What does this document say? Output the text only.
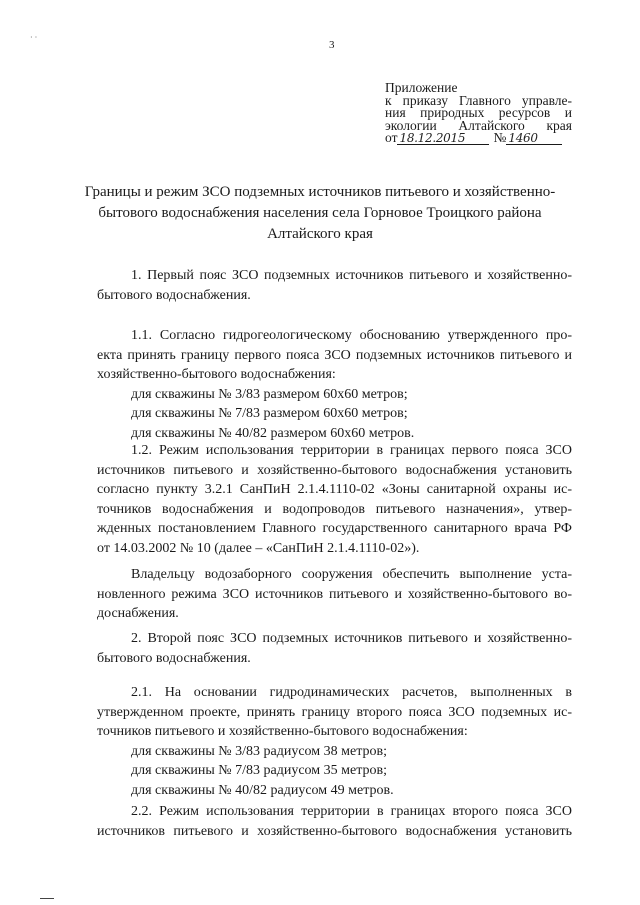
· ·
3
Приложение
к приказу Главного управле-
ния природных ресурсов и
экологии Алтайского края
от 18.12.2015	№ 1460
Границы и режим ЗСО подземных источников питьевого и хозяйственно-бытового водоснабжения населения села Горновое Троицкого района Алтайского края
1. Первый пояс ЗСО подземных источников питьевого и хозяйственно-
бытового водоснабжения.
1.1. Согласно гидрогеологическому обоснованию утвержденного про-
екта принять границу первого пояса ЗСО подземных источников питьевого и
хозяйственно-бытового водоснабжения:
для скважины № 3/83 размером 60х60 метров;
для скважины № 7/83 размером 60х60 метров;
для скважины № 40/82 размером 60х60 метров.
1.2. Режим использования территории в границах первого пояса ЗСО
источников питьевого и хозяйственно-бытового водоснабжения установить
согласно пункту 3.2.1 СанПиН 2.1.4.1110-02 «Зоны санитарной охраны ис-
точников водоснабжения и водопроводов питьевого назначения», утвер-
жденных постановлением Главного государственного санитарного врача РФ
от 14.03.2002 № 10 (далее – «СанПиН 2.1.4.1110-02»).
Владельцу водозаборного сооружения обеспечить выполнение уста-
новленного режима ЗСО источников питьевого и хозяйственно-бытового во-
доснабжения.
2. Второй пояс ЗСО подземных источников питьевого и хозяйственно-
бытового водоснабжения.
2.1. На основании гидродинамических расчетов, выполненных в
утвержденном проекте, принять границу второго пояса ЗСО подземных ис-
точников питьевого и хозяйственно-бытового водоснабжения:
для скважины № 3/83 радиусом 38 метров;
для скважины № 7/83 радиусом 35 метров;
для скважины № 40/82 радиусом 49 метров.
2.2. Режим использования территории в границах второго пояса ЗСО
источников питьевого и хозяйственно-бытового водоснабжения установить
